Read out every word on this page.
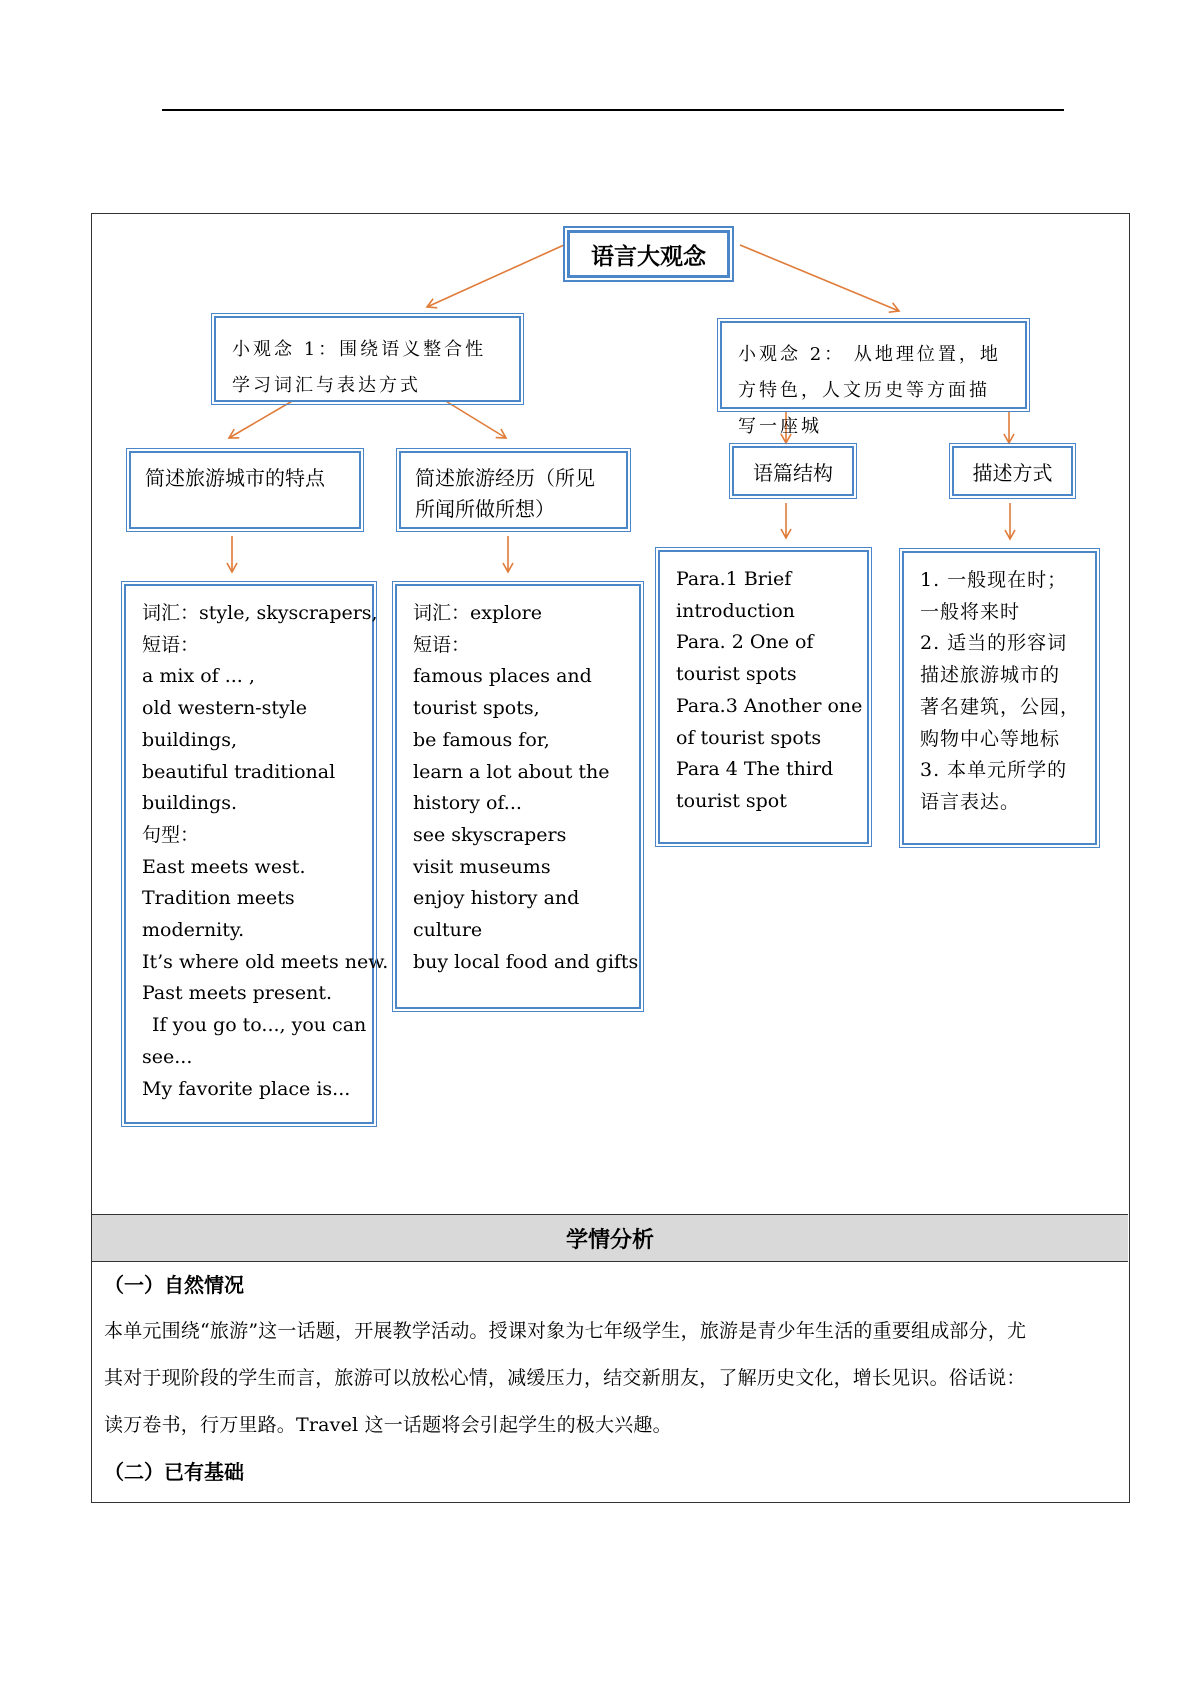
语言大观念
小观念 1：围绕语义整合性学习词汇与表达方式
小观念 2： 从地理位置，地方特色，人文历史等方面描写一座城
简述旅游城市的特点	简述旅游经历（所见所闻所做所想）
语篇结构	描述方式
词汇：style, skyscrapers,
短语：
a mix of ... ,
old western-style
buildings,
beautiful traditional
buildings.
句型：
East meets west.
Tradition meets
modernity.
It’s where old meets new.
Past meets present.
If you go to..., you can
see...
My favorite place is...
词汇：explore
短语：
famous places and
tourist spots,
be famous for,
learn a lot about the
history of...
see skyscrapers
visit museums
enjoy history and
culture
buy local food and gifts
Para.1 Brief
introduction
Para. 2 One of
tourist spots
Para.3 Another one
of tourist spots
Para 4 The third
tourist spot
1. 一般现在时；
一般将来时
2. 适当的形容词
描述旅游城市的
著名建筑，公园，
购物中心等地标
3. 本单元所学的
语言表达。
学情分析
（一）自然情况
本单元围绕“旅游”这一话题，开展教学活动。授课对象为七年级学生，旅游是青少年生活的重要组成部分，尤
其对于现阶段的学生而言，旅游可以放松心情，减缓压力，结交新朋友，了解历史文化，增长见识。俗话说：
读万卷书，行万里路。Travel 这一话题将会引起学生的极大兴趣。
（二）已有基础
